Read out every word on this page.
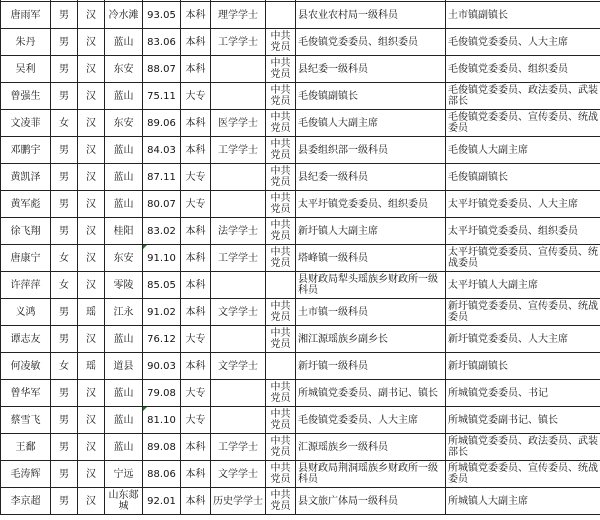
唐雨军	男	汉	冷水滩	93.05	本科	理学学士		县农业农村局一级科员	土市镇副镇长
朱丹	男	汉	蓝山	83.06	本科	工学学士	中共党员	毛俊镇党委委员、组织委员	毛俊镇党委委员、人大主席
吴利	男	汉	东安	88.07	本科		中共党员	县纪委一级科员	毛俊镇党委委员、组织委员
曾强生	男	汉	蓝山	75.11	大专		中共党员	毛俊镇副镇长	毛俊镇党委委员、政法委员、武装部长
文凌菲	女	汉	东安	89.06	本科	医学学士	中共党员	毛俊镇人大副主席	毛俊镇党委委员、宣传委员、统战委员
邓鹏宇	男	汉	蓝山	84.03	本科	工学学士	中共党员	县委组织部一级科员	毛俊镇人大副主席
黄凯泽	男	汉	蓝山	87.11	大专		中共党员	县纪委一级科员	毛俊镇副镇长
黄军彪	男	汉	蓝山	80.07	大专		中共党员	太平圩镇党委委员、组织委员	太平圩镇党委委员、人大主席
徐飞翔	男	汉	桂阳	83.02	本科	法学学士	中共党员	新圩镇人大副主席	太平圩镇党委委员、组织委员
唐康宁	女	汉	东安	91.10	本科	工学学士	中共党员	塔峰镇一级科员	太平圩镇党委委员、宣传委员、统战委员
许萍萍	女	汉	零陵	85.05	本科			县财政局犁头瑶族乡财政所一级科员	太平圩镇人大副主席
义鸿	男	瑶	江永	91.02	本科	文学学士	中共党员	土市镇一级科员	新圩镇党委委员、宣传委员、统战委员
谭志友	男	汉	蓝山	76.12	大专		中共党员	湘江源瑶族乡副乡长	新圩镇党委委员、人大主席
何凌敏	女	瑶	道县	90.03	本科	文学学士		新圩镇一级科员	新圩镇副镇长
曾华军	男	汉	蓝山	79.08	大专		中共党员	所城镇党委委员、副书记、镇长	所城镇党委委员、书记
蔡雪飞	男	汉	蓝山	81.10	大专		中共党员	毛俊镇党委委员、人大主席	所城镇党委副书记、镇长
王鄱	男	汉	蓝山	89.08	本科	工学学士	中共党员	汇源瑶族乡一级科员	所城镇党委委员、政法委员、武装部长
毛涛辉	男	汉	宁远	88.06	本科	文学学士	中共党员	县财政局荆洞瑶族乡财政所一级科员	所城镇党委委员、宣传委员、统战委员
李京超	男	汉	山东郯城	92.01	本科	历史学学士	中共党员	县文旅广体局一级科员	所城镇人大副主席
